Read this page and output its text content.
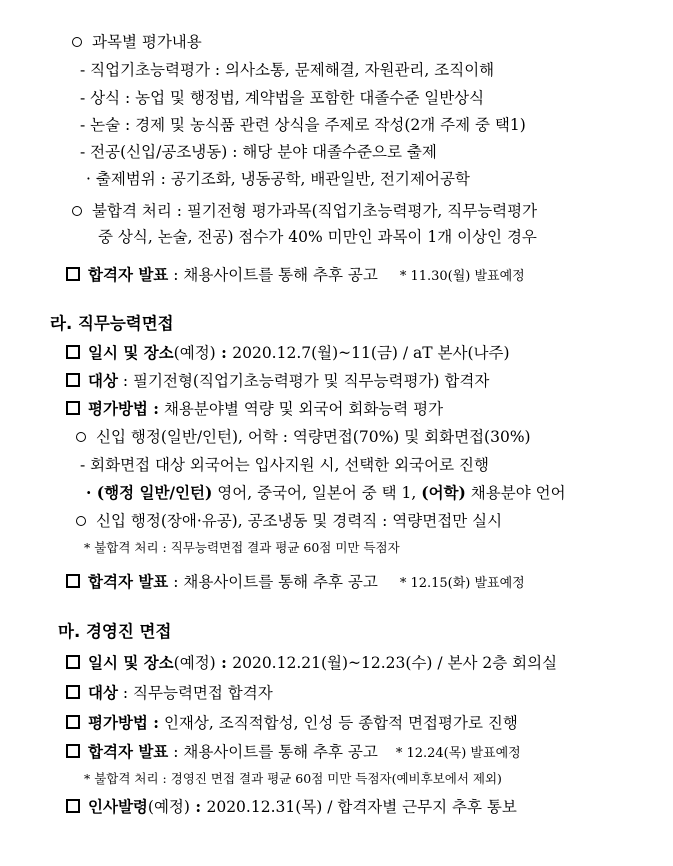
과목별 평가내용
- 직업기초능력평가 : 의사소통, 문제해결, 자원관리, 조직이해
- 상식 : 농업 및 행정법, 계약법을 포함한 대졸수준 일반상식
- 논술 : 경제 및 농식품 관련 상식을 주제로 작성(2개 주제 중 택1)
- 전공(신입/공조냉동) : 해당 분야 대졸수준으로 출제
· 출제범위 : 공기조화, 냉동공학, 배관일반, 전기제어공학
불합격 처리 : 필기전형 평가과목(직업기초능력평가, 직무능력평가
중 상식, 논술, 전공) 점수가 40% 미만인 과목이 1개 이상인 경우
합격자 발표 : 채용사이트를 통해 추후 공고 * 11.30(월) 발표예정
라. 직무능력면접
일시 및 장소(예정) : 2020.12.7(월)~11(금) / aT 본사(나주)
대상 : 필기전형(직업기초능력평가 및 직무능력평가) 합격자
평가방법 : 채용분야별 역량 및 외국어 회화능력 평가
신입 행정(일반/인턴), 어학 : 역량면접(70%) 및 회화면접(30%)
- 회화면접 대상 외국어는 입사지원 시, 선택한 외국어로 진행
· (행정 일반/인턴) 영어, 중국어, 일본어 중 택 1, (어학) 채용분야 언어
신입 행정(장애·유공), 공조냉동 및 경력직 : 역량면접만 실시
* 불합격 처리 : 직무능력면접 결과 평균 60점 미만 득점자
합격자 발표 : 채용사이트를 통해 추후 공고 * 12.15(화) 발표예정
마. 경영진 면접
일시 및 장소(예정) : 2020.12.21(월)~12.23(수) / 본사 2층 회의실
대상 : 직무능력면접 합격자
평가방법 : 인재상, 조직적합성, 인성 등 종합적 면접평가로 진행
합격자 발표 : 채용사이트를 통해 추후 공고 * 12.24(목) 발표예정
* 불합격 처리 : 경영진 면접 결과 평균 60점 미만 득점자(예비후보에서 제외)
인사발령(예정) : 2020.12.31(목) / 합격자별 근무지 추후 통보
